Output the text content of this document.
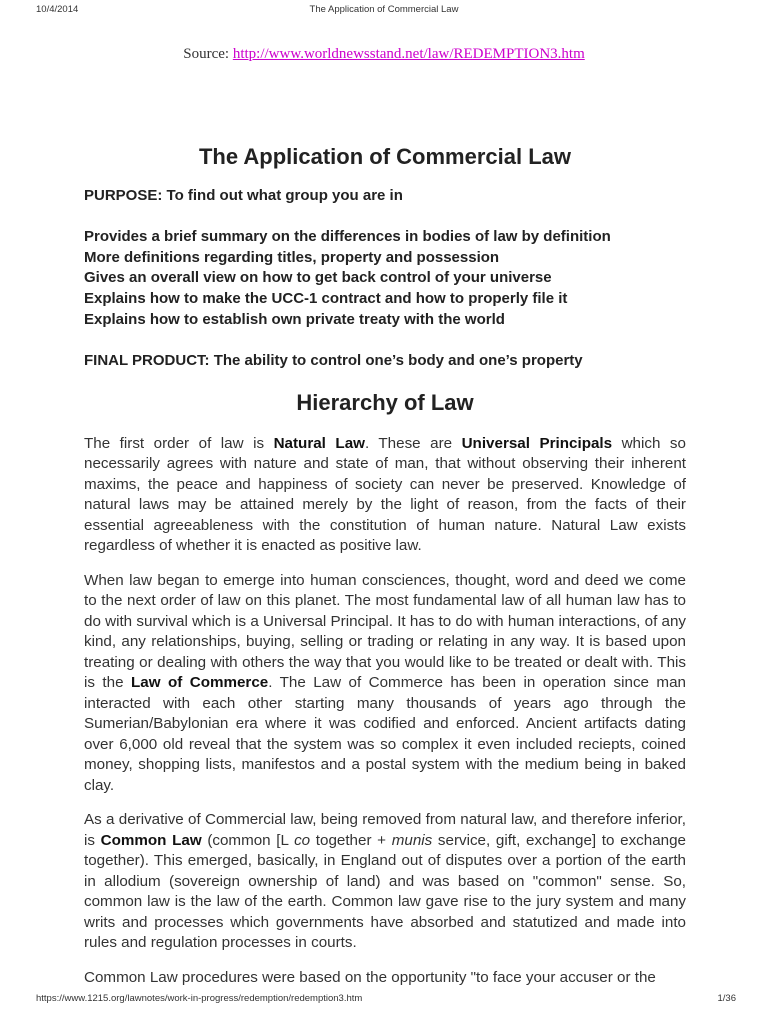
10/4/2014	The Application of Commercial Law
Source: http://www.worldnewsstand.net/law/REDEMPTION3.htm
The Application of Commercial Law

PURPOSE: To find out what group you are in

Provides a brief summary on the differences in bodies of law by definition

More definitions regarding titles, property and possession

Gives an overall view on how to get back control of your universe

Explains how to make the UCC-1 contract and how to properly file it

Explains how to establish own private treaty with the world

FINAL PRODUCT: The ability to control one’s body and one’s property

Hierarchy of Law

The first order of law is Natural Law. These are Universal Principals which so necessarily agrees with nature and state of man, that without observing their inherent maxims, the peace and happiness of society can never be preserved. Knowledge of natural laws may be attained merely by the light of reason, from the facts of their essential agreeableness with the constitution of human nature. Natural Law exists regardless of whether it is enacted as positive law.

When law began to emerge into human consciences, thought, word and deed we come to the next order of law on this planet. The most fundamental law of all human law has to do with survival which is a Universal Principal. It has to do with human interactions, of any kind, any relationships, buying, selling or trading or relating in any way. It is based upon treating or dealing with others the way that you would like to be treated or dealt with. This is the Law of Commerce. The Law of Commerce has been in operation since man interacted with each other starting many thousands of years ago through the Sumerian/Babylonian era where it was codified and enforced. Ancient artifacts dating over 6,000 old reveal that the system was so complex it even included reciepts, coined money, shopping lists, manifestos and a postal system with the medium being in baked clay.

As a derivative of Commercial law, being removed from natural law, and therefore inferior, is Common Law (common [L co together + munis service, gift, exchange] to exchange together). This emerged, basically, in England out of disputes over a portion of the earth in allodium (sovereign ownership of land) and was based on "common" sense. So, common law is the law of the earth. Common law gave rise to the jury system and many writs and processes which governments have absorbed and statutized and made into rules and regulation processes in courts.

Common Law procedures were based on the opportunity "to face your accuser or the

https://www.1215.org/lawnotes/work-in-progress/redemption/redemption3.htm	1/36
